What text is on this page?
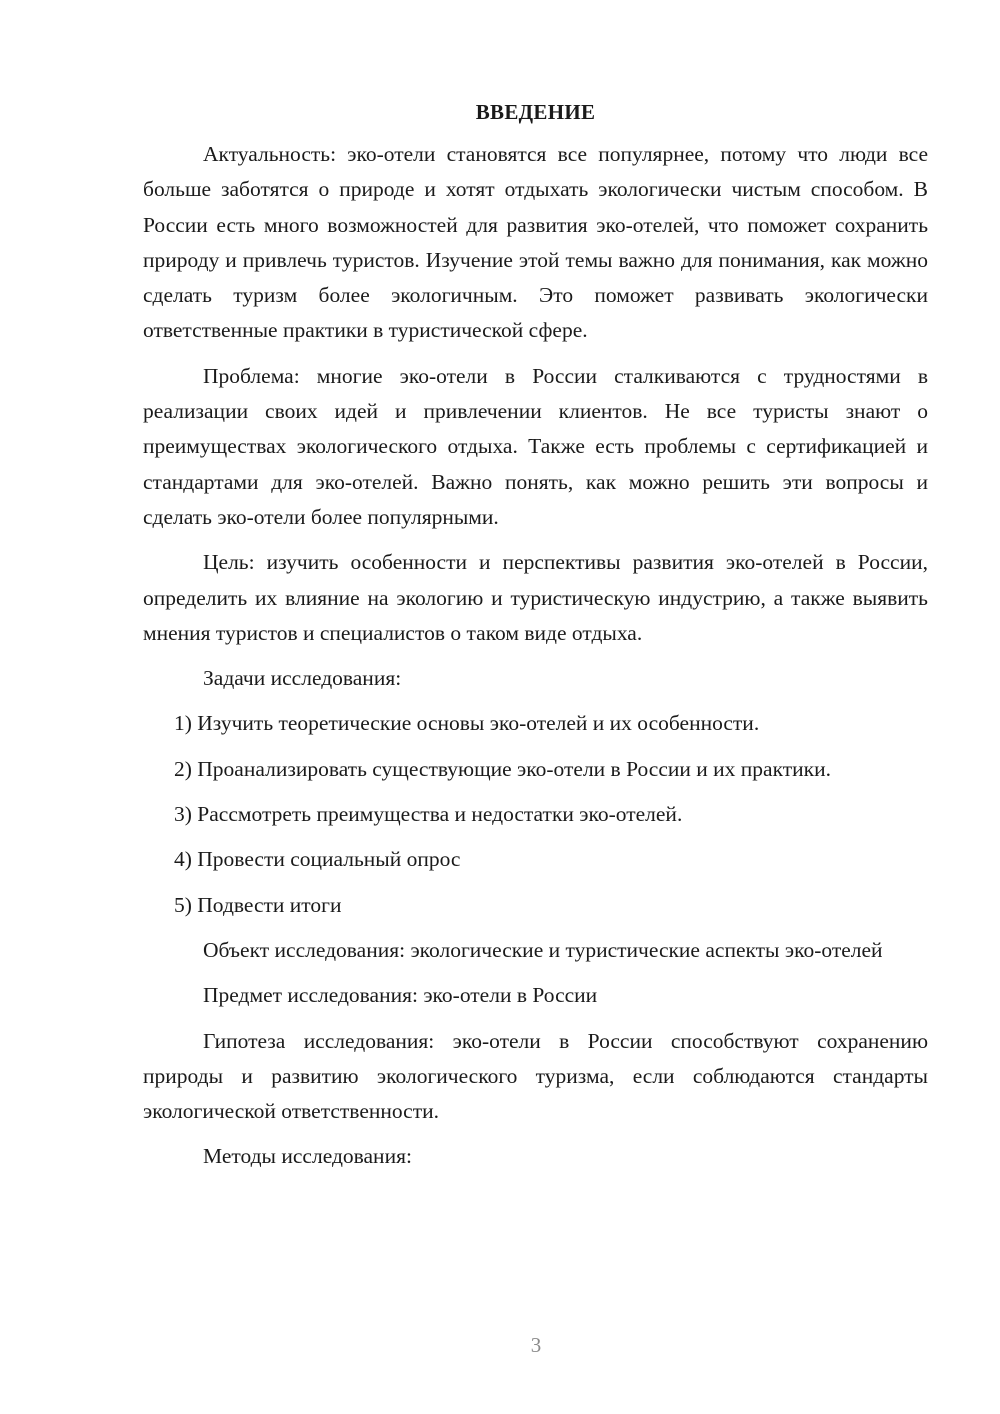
ВВЕДЕНИЕ

Актуальность: эко-отели становятся все популярнее, потому что люди все больше заботятся о природе и хотят отдыхать экологически чистым способом. В России есть много возможностей для развития эко-отелей, что поможет сохранить природу и привлечь туристов. Изучение этой темы важно для понимания, как можно сделать туризм более экологичным. Это поможет развивать экологически ответственные практики в туристической сфере.

Проблема: многие эко-отели в России сталкиваются с трудностями в реализации своих идей и привлечении клиентов. Не все туристы знают о преимуществах экологического отдыха. Также есть проблемы с сертификацией и стандартами для эко-отелей. Важно понять, как можно решить эти вопросы и сделать эко-отели более популярными.

Цель: изучить особенности и перспективы развития эко-отелей в России, определить их влияние на экологию и туристическую индустрию, а также выявить мнения туристов и специалистов о таком виде отдыха.

Задачи исследования:

1) Изучить теоретические основы эко-отелей и их особенности.

2) Проанализировать существующие эко-отели в России и их практики.

3) Рассмотреть преимущества и недостатки эко-отелей.

4) Провести социальный опрос

5) Подвести итоги

Объект исследования: экологические и туристические аспекты эко-отелей

Предмет исследования: эко-отели в России

Гипотеза исследования: эко-отели в России способствуют сохранению природы и развитию экологического туризма, если соблюдаются стандарты экологической ответственности.

Методы исследования:

3
